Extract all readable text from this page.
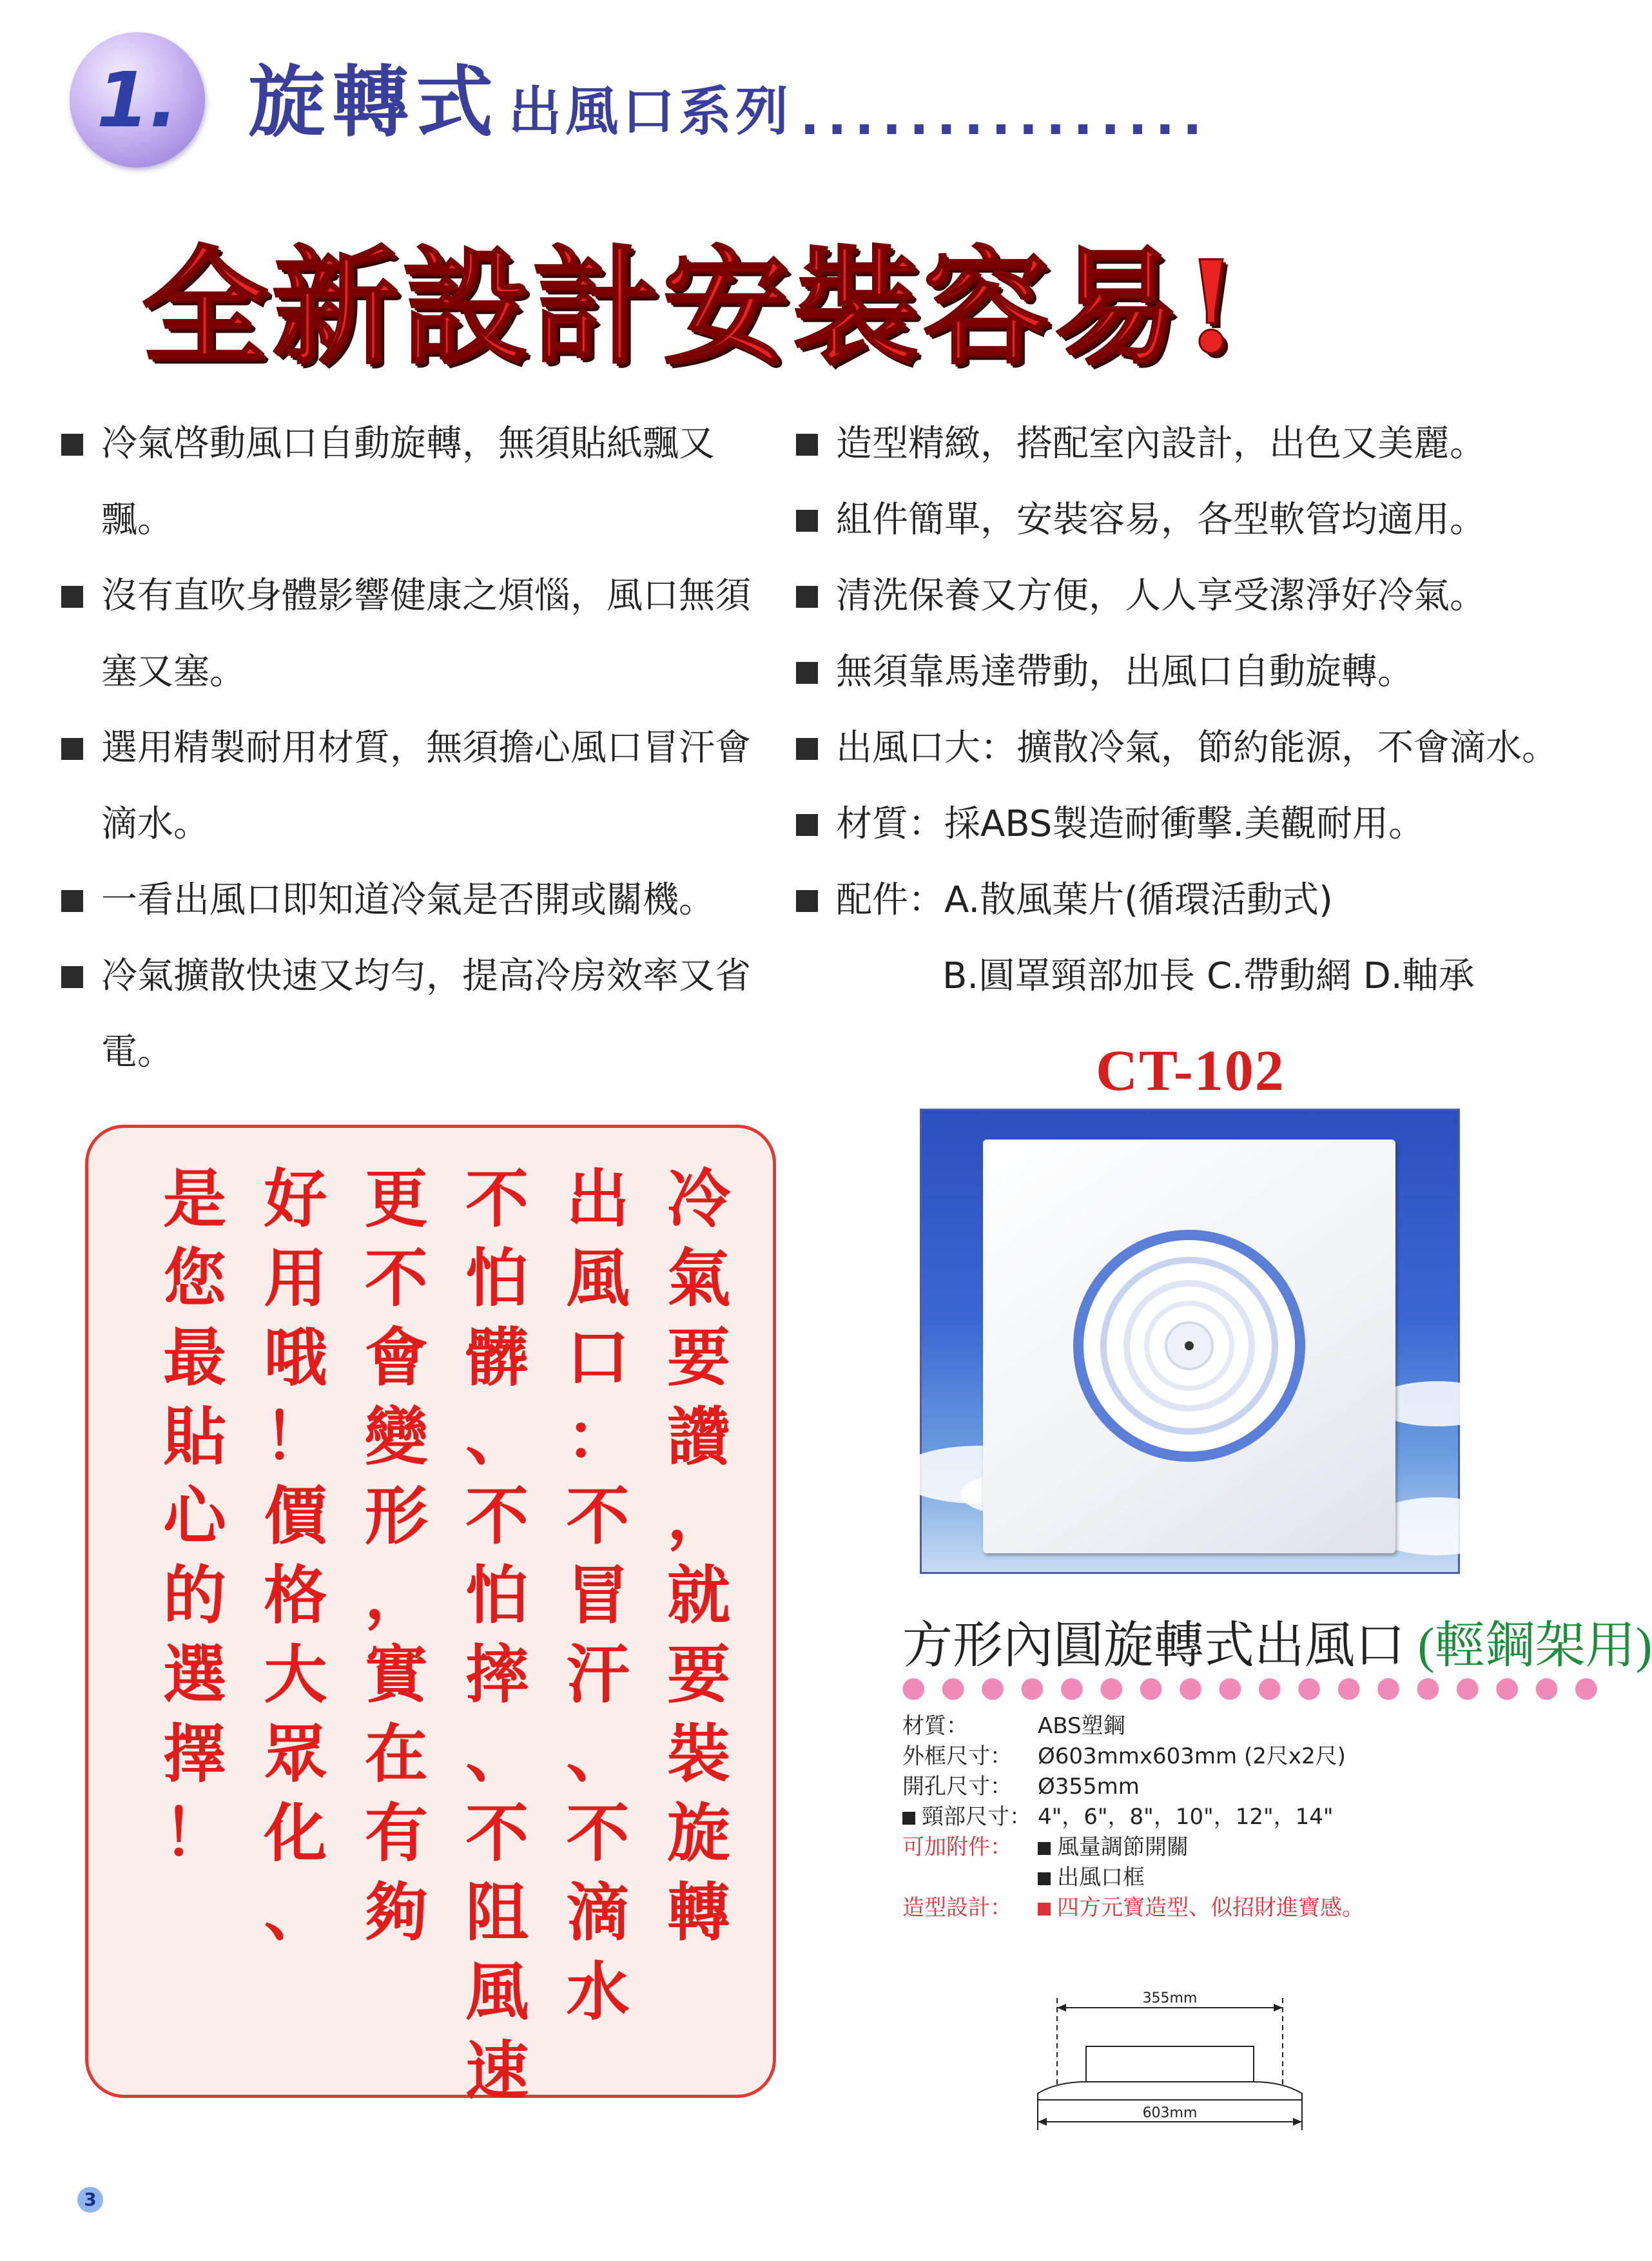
1. 旋轉式 出風口系列 ...............
全新設計安裝容易!
冷氣啓動風口自動旋轉，無須貼紙飄又飄。
沒有直吹身體影響健康之煩惱，風口無須
塞又塞。
選用精製耐用材質，無須擔心風口冒汗會
滴水。
一看出風口即知道冷氣是否開或關機。
冷氣擴散快速又均勻，提高冷房效率又省
電。
造型精緻，搭配室內設計，出色又美麗。
組件簡單，安裝容易，各型軟管均適用。
清洗保養又方便，人人享受潔淨好冷氣。
無須靠馬達帶動，出風口自動旋轉。
出風口大：擴散冷氣，節約能源，不會滴水。
材質：採ABS製造耐衝擊.美觀耐用。
配件：A.散風葉片(循環活動式)
B.圓罩頸部加長 C.帶動網 D.軸承
冷
氣
要
讚
，
就
要
裝
旋
轉
出
風
口
：
不
冒
汗
、
不
滴
水
不
怕
髒
、
不
怕
摔
、
不
阻
風
速
更
不
會
變
形
，
實
在
有
夠
好
用
哦
！
價
格
大
眾
化
、
是
您
最
貼
心
的
選
擇
！
CT-102
方形內圓旋轉式出風口 (輕鋼架用)
●●●●●●●●●●●●●●●●●●
材質：	ABS塑鋼
外框尺寸：	Ø603mmx603mm (2尺x2尺)
開孔尺寸：	Ø355mm
頸部尺寸： 4"，6"，8"，10"，12"，14"
可加附件：	風量調節開關
出風口框
造型設計：	四方元寶造型、似招財進寶感。
355mm
603mm
3
